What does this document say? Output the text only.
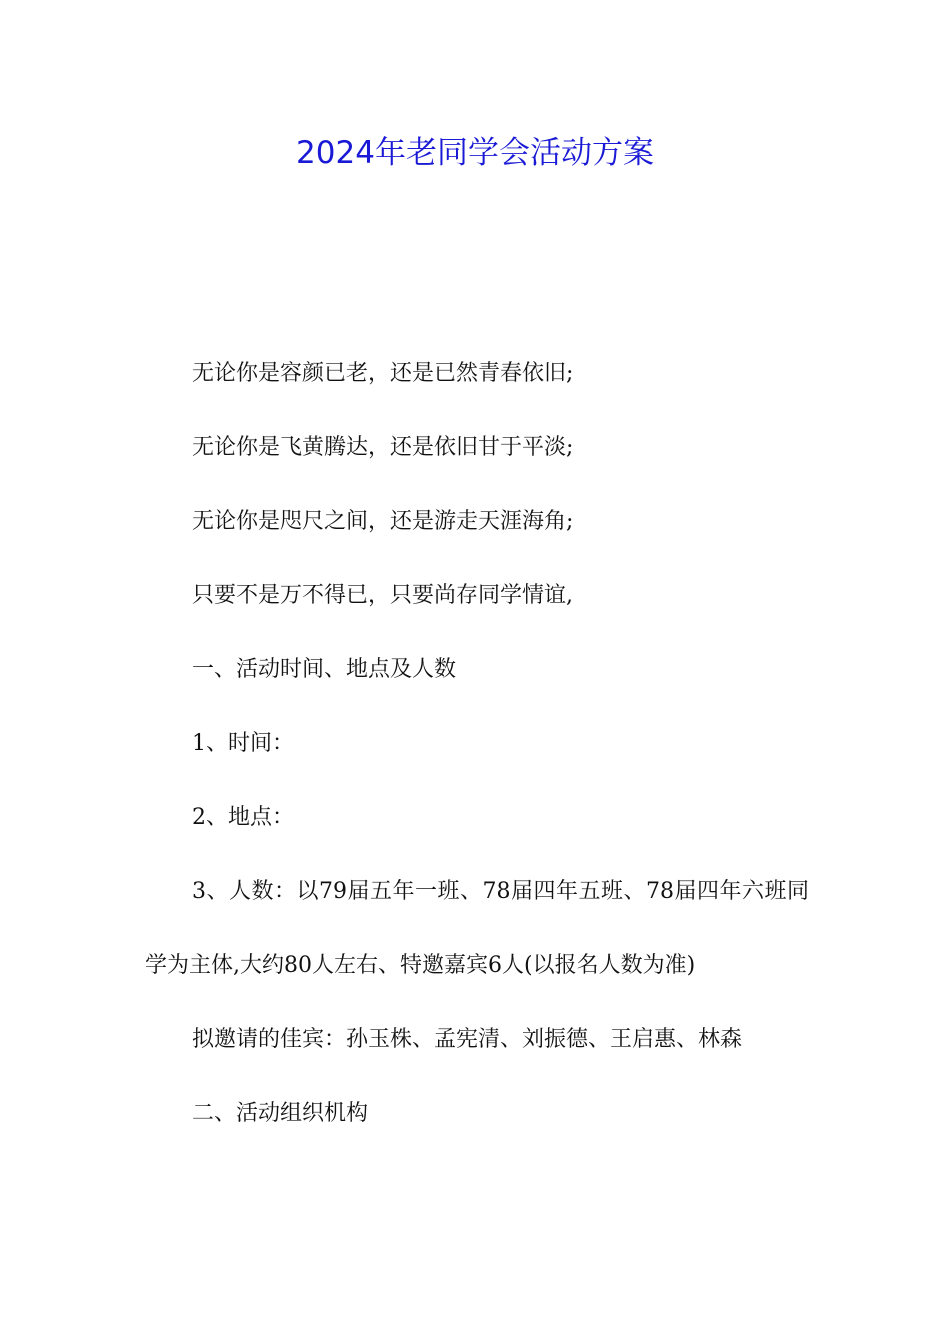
2024年老同学会活动方案

无论你是容颜已老，还是已然青春依旧;

无论你是飞黄腾达，还是依旧甘于平淡;

无论你是咫尺之间，还是游走天涯海角;

只要不是万不得已，只要尚存同学情谊,

一、活动时间、地点及人数

1、时间：

2、地点：

3、人数：以79届五年一班、78届四年五班、78届四年六班同学为主体,大约80人左右、特邀嘉宾6人(以报名人数为准)

拟邀请的佳宾：孙玉株、孟宪清、刘振德、王启惠、林森

二、活动组织机构
